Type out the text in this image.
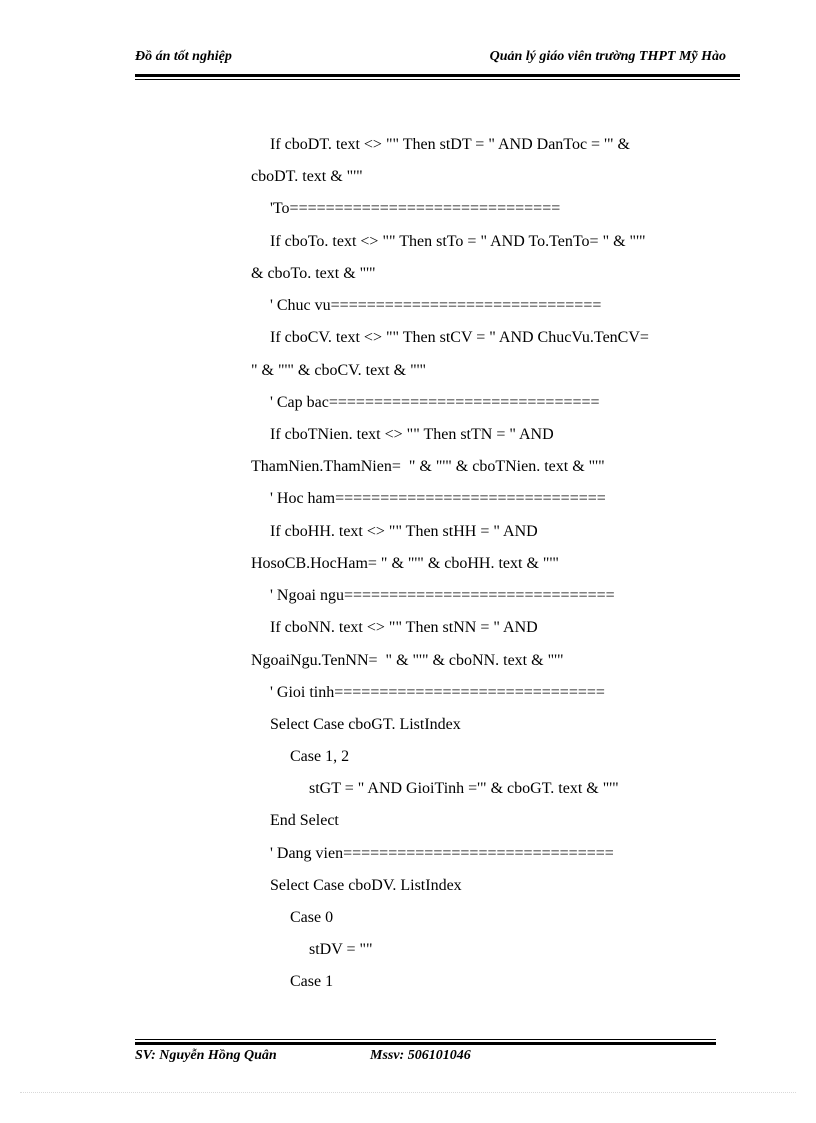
Đồ án tốt nghiệp	Quản lý giáo viên trường THPT Mỹ Hào
If cboDT. text <> "" Then stDT = " AND DanToc = '" &
cboDT. text & "'"
'To==============================
If cboTo. text <> "" Then stTo = " AND To.TenTo= " & "'"
& cboTo. text & "'"
' Chuc vu==============================
If cboCV. text <> "" Then stCV = " AND ChucVu.TenCV=
" & "'" & cboCV. text & "'"
' Cap bac==============================
If cboTNien. text <> "" Then stTN = " AND
ThamNien.ThamNien=  " & "'" & cboTNien. text & "'"
' Hoc ham==============================
If cboHH. text <> "" Then stHH = " AND
HosoCB.HocHam= " & "'" & cboHH. text & "'"
' Ngoai ngu==============================
If cboNN. text <> "" Then stNN = " AND
NgoaiNgu.TenNN=  " & "'" & cboNN. text & "'"
' Gioi tinh==============================
Select Case cboGT. ListIndex
Case 1, 2
stGT = " AND GioiTinh ='" & cboGT. text & "'"
End Select
' Dang vien==============================
Select Case cboDV. ListIndex
Case 0
stDV = ""
Case 1
SV: Nguyễn Hồng Quân	Mssv: 506101046
